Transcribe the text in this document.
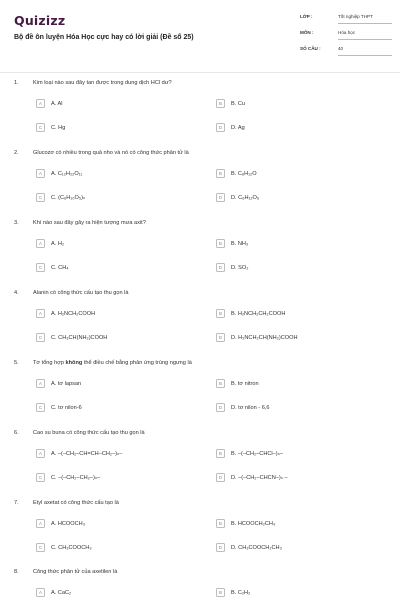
Quizizz
Bộ đề ôn luyện Hóa Học cực hay có lời giải (Đề số 25)
LỚP :	Tốt nghiệp THPT
MÔN :	Hóa học
SỐ CÂU :	40
1.	Kim loại nào sau đây tan được trong dung dịch HCl dư?
A	A. Al	B	B. Cu
C	C. Hg	D	D. Ag
2.	Glucozơ có nhiều trong quả nho và nó có công thức phân tử là
A	A. C₁₂H₂₂O₁₁	B	B. C₆H₁₂O
C	C. (C₆H₁₀O₅)ₙ	D	D. C₆H₁₂O₆
3.	Khí nào sau đây gây ra hiện tượng mưa axit?
A	A. H₂	B	B. NH₃
C	C. CH₄	D	D. SO₂
4.	Alanin có công thức cấu tạo thu gọn là
A	A. H₂NCH₂COOH	B	B. H₂NCH₂CH₂COOH
C	C. CH₃CH(NH₂)COOH	D	D. H₂NCH₂CH(NH₂)COOH
5.	Tơ tổng hợp không thể điều chế bằng phản ứng trùng ngưng là
A	A. tơ lapsan	B	B. tơ nitron
C	C. tơ nilon-6	D	D. tơ nilon - 6,6
6.	Cao su buna có công thức cấu tạo thu gọn là
A	A. –(–CH₂–CH=CH–CH₂–)ₙ–	B	B. –(–CH₂–CHCl–)ₙ–
C	C. –(–CH₂–CH₂–)ₙ–	D	D. –(–CH₂–CHCN–)ₙ –
7.	Etyl axetat có công thức cấu tạo là
A	A. HCOOCH₃	B	B. HCOOCH₂CH₃
C	C. CH₃COOCH₃	D	D. CH₃COOCH₂CH₃
8.	Công thức phân tử của axetilen là
A	A. CaC₂	B	B. C₂H₂
